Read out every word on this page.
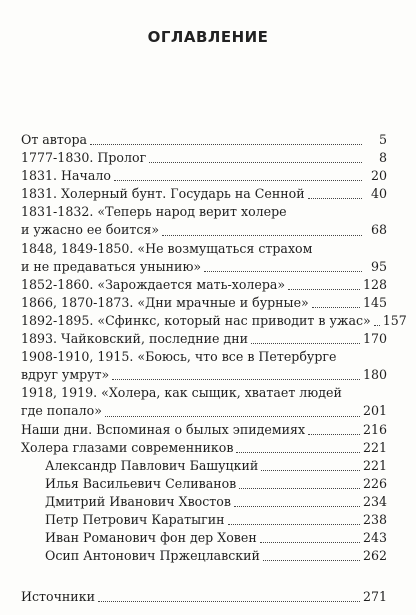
ОГЛАВЛЕНИЕ
От автора	5
1777-1830. Пролог	8
1831. Начало	20
1831. Холерный бунт. Государь на Сенной	40
1831-1832. «Теперь народ верит холере
и ужасно ее боится»	68
1848, 1849-1850. «Не возмущаться страхом
и не предаваться унынию»	95
1852-1860. «Зарождается мать-холера»	128
1866, 1870-1873. «Дни мрачные и бурные»	145
1892-1895. «Сфинкс, который нас приводит в ужас» 157
1893. Чайковский, последние дни	170
1908-1910, 1915. «Боюсь, что все в Петербурге
вдруг умрут»	180
1918, 1919. «Холера, как сыщик, хватает людей
где попало»	201
Наши дни. Вспоминая о былых эпидемиях	216
Холера глазами современников	221
Александр Павлович Башуцкий	221
Илья Васильевич Селиванов	226
Дмитрий Иванович Хвостов	234
Петр Петрович Каратыгин	238
Иван Романович фон дер Ховен	243
Осип Антонович Пржецлавский	262
Источники	271
